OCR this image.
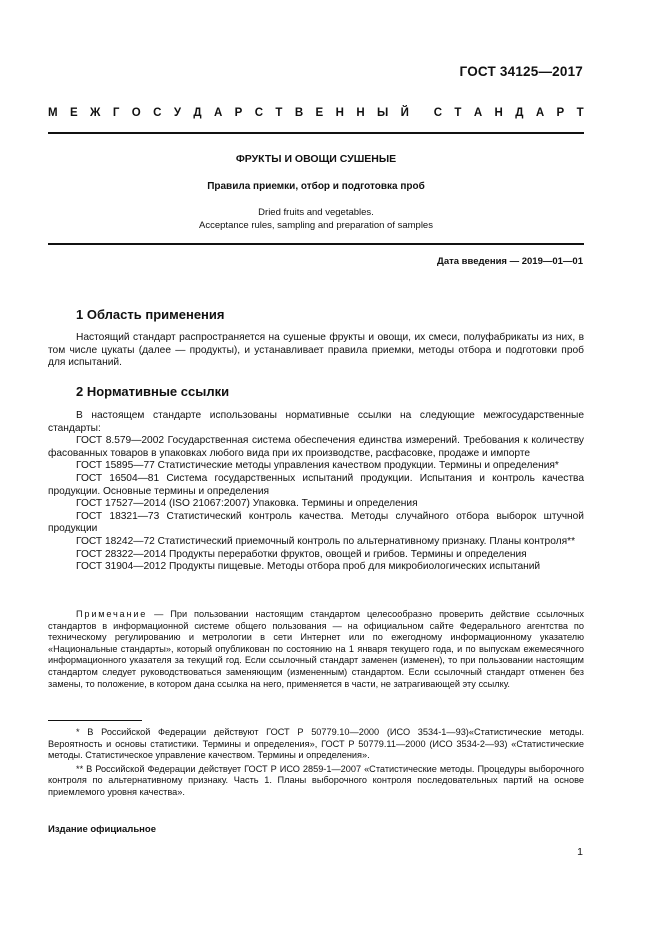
ГОСТ 34125—2017
М Е Ж Г О С У Д А Р С Т В Е Н Н Ы Й С Т А Н Д А Р Т
ФРУКТЫ И ОВОЩИ СУШЕНЫЕ
Правила приемки, отбор и подготовка проб
Dried fruits and vegetables.
Acceptance rules, sampling and preparation of samples
Дата введения — 2019—01—01
1 Область применения

Настоящий стандарт распространяется на сушеные фрукты и овощи, их смеси, полуфабрикаты из них, в том числе цукаты (далее — продукты), и устанавливает правила приемки, методы отбора и подготовки проб для испытаний.

2 Нормативные ссылки

В настоящем стандарте использованы нормативные ссылки на следующие межгосударственные стандарты:

ГОСТ 8.579—2002 Государственная система обеспечения единства измерений. Требования к количеству фасованных товаров в упаковках любого вида при их производстве, расфасовке, продаже и импорте

ГОСТ 15895—77 Статистические методы управления качеством продукции. Термины и определения*

ГОСТ 16504—81 Система государственных испытаний продукции. Испытания и контроль качества продукции. Основные термины и определения

ГОСТ 17527—2014 (ISO 21067:2007) Упаковка. Термины и определения

ГОСТ 18321—73 Статистический контроль качества. Методы случайного отбора выборок штучной продукции

ГОСТ 18242—72 Статистический приемочный контроль по альтернативному признаку. Планы контроля**

ГОСТ 28322—2014 Продукты переработки фруктов, овощей и грибов. Термины и определения

ГОСТ 31904—2012 Продукты пищевые. Методы отбора проб для микробиологических испытаний

Примечание — При пользовании настоящим стандартом целесообразно проверить действие ссылочных стандартов в информационной системе общего пользования — на официальном сайте Федерального агентства по техническому регулированию и метрологии в сети Интернет или по ежегодному информационному указателю «Национальные стандарты», который опубликован по состоянию на 1 января текущего года, и по выпускам ежемесячного информационного указателя за текущий год. Если ссылочный стандарт заменен (изменен), то при пользовании настоящим стандартом следует руководствоваться заменяющим (измененным) стандартом. Если ссылочный стандарт отменен без замены, то положение, в котором дана ссылка на него, применяется в части, не затрагивающей эту ссылку.

* В Российской Федерации действуют ГОСТ Р 50779.10—2000 (ИСО 3534-1—93)«Статистические методы. Вероятность и основы статистики. Термины и определения», ГОСТ Р 50779.11—2000 (ИСО 3534-2—93) «Статистические методы. Статистическое управление качеством. Термины и определения».

** В Российской Федерации действует ГОСТ Р ИСО 2859-1—2007 «Статистические методы. Процедуры выборочного контроля по альтернативному признаку. Часть 1. Планы выборочного контроля последовательных партий на основе приемлемого уровня качества».

Издание официальное
1
